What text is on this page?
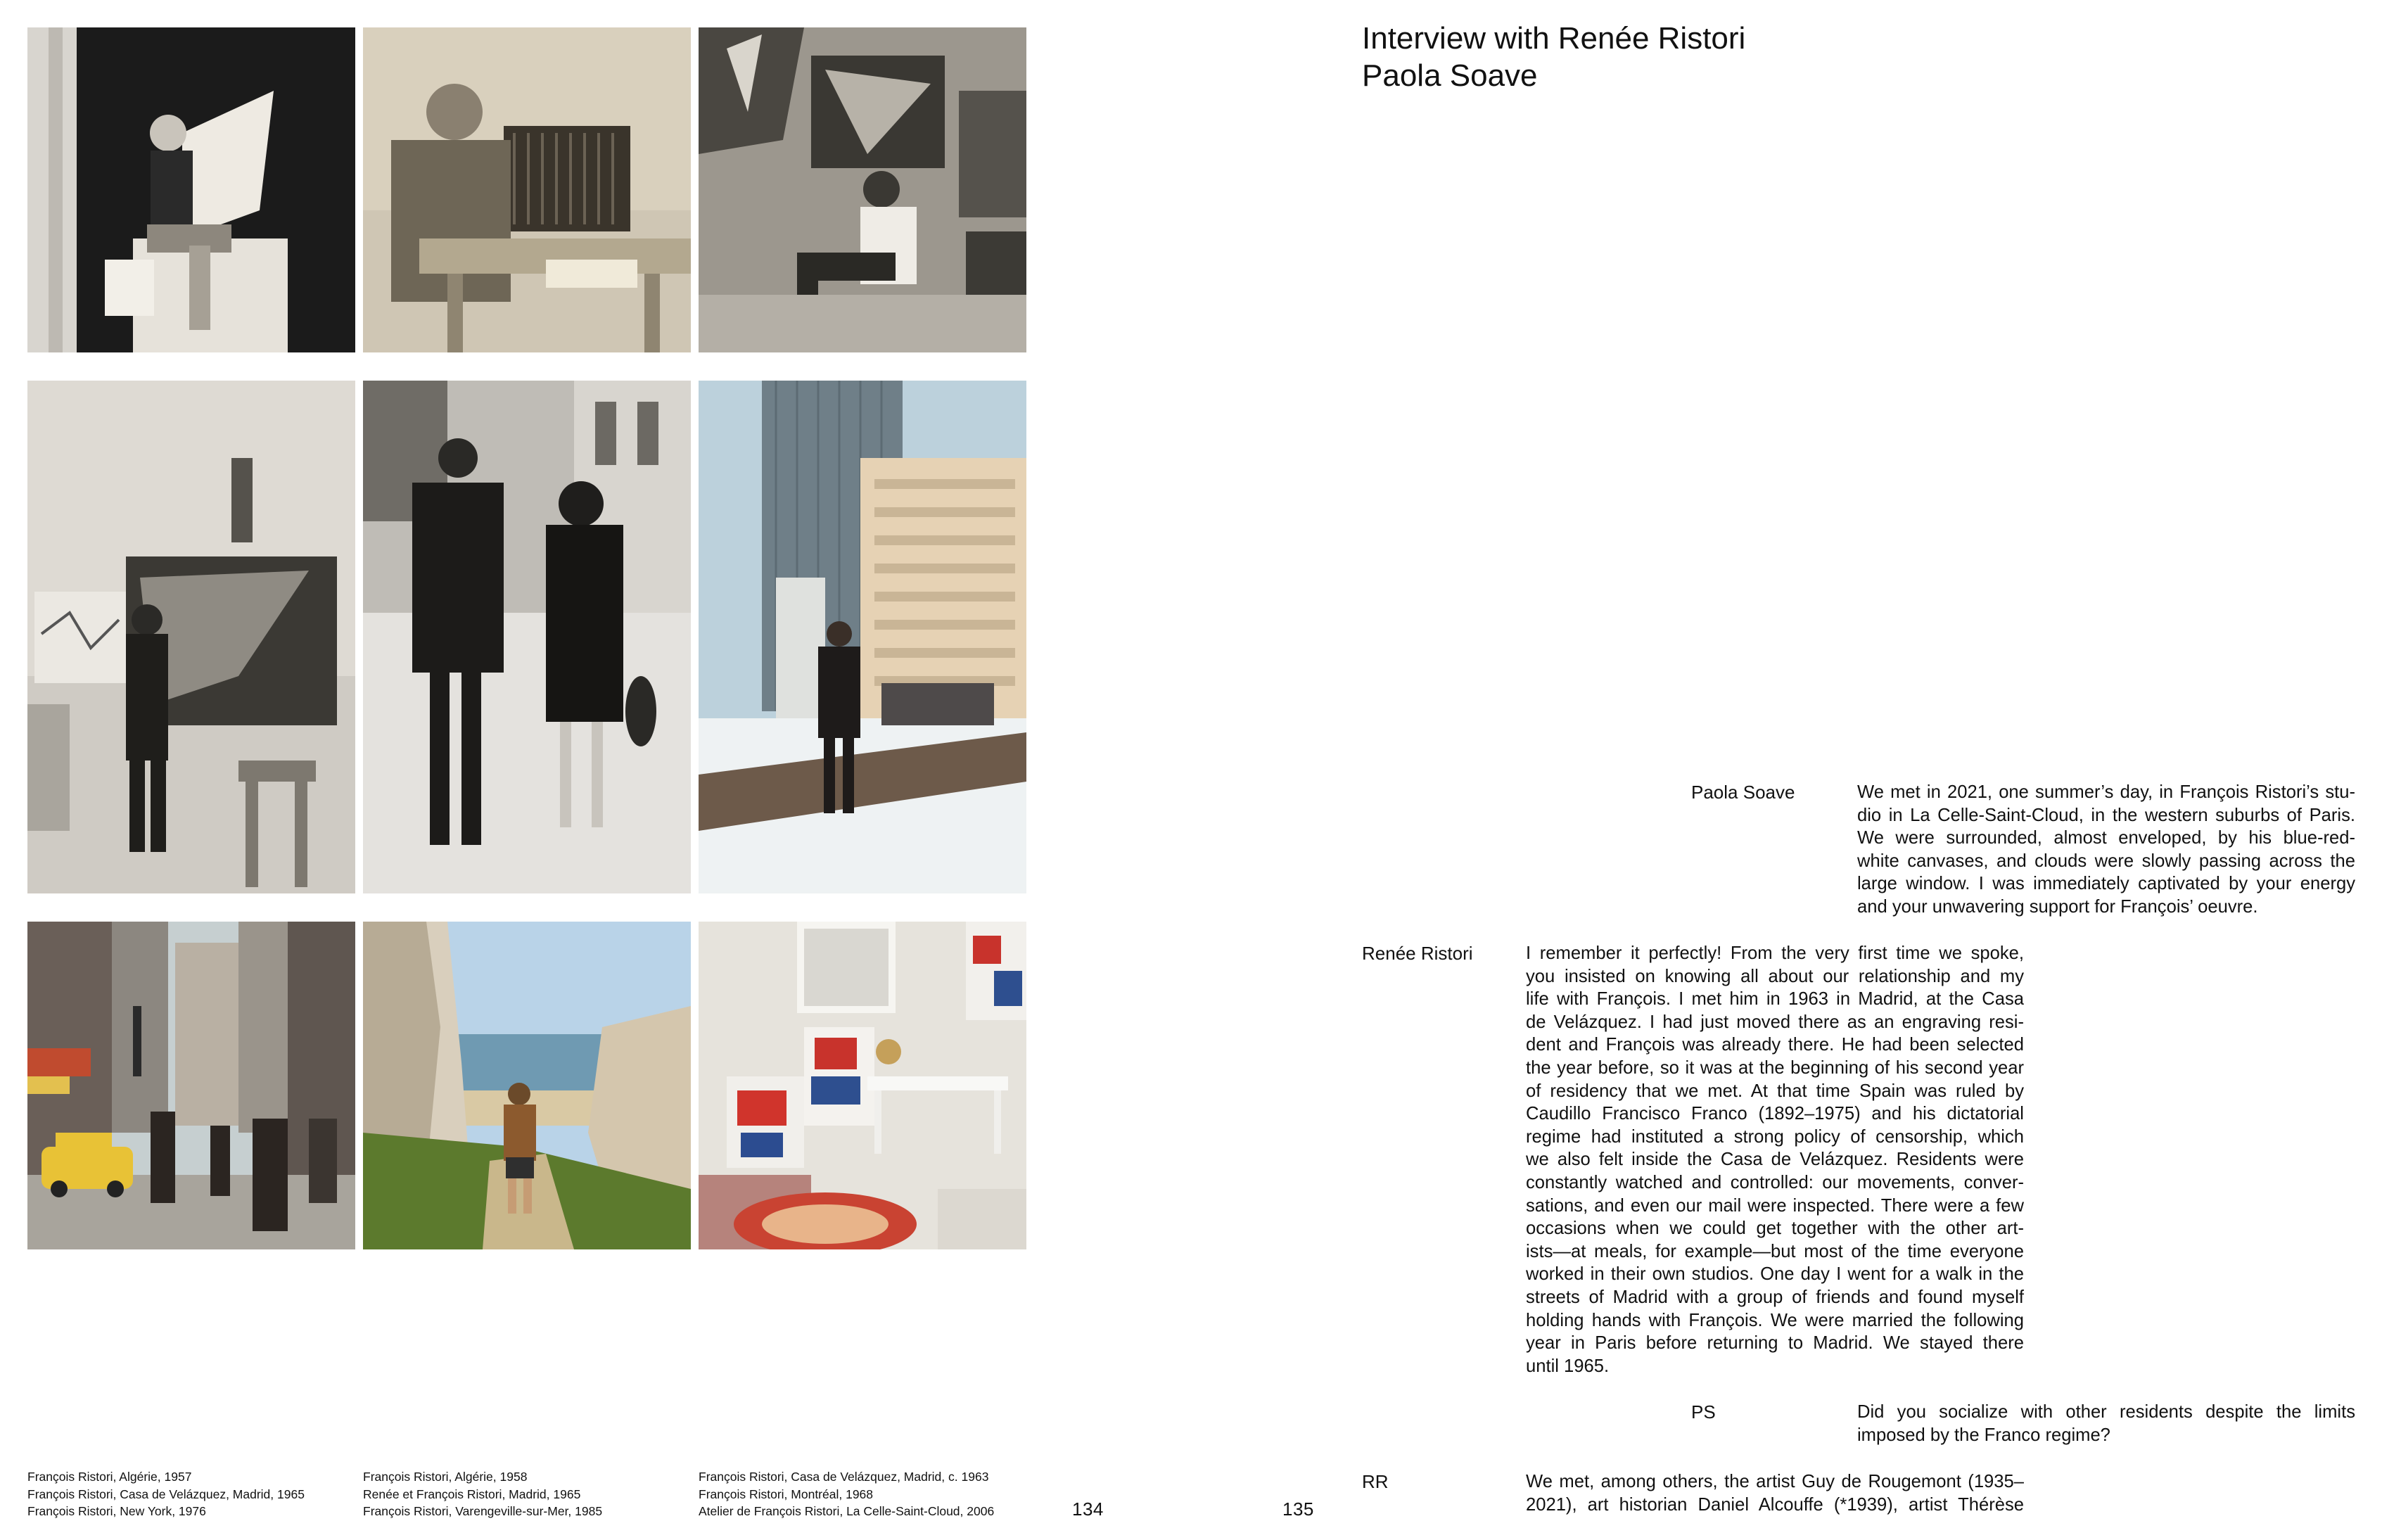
François Ristori, Algérie, 1957
François Ristori, Casa de Velázquez, Madrid, 1965
François Ristori, New York, 1976
François Ristori, Algérie, 1958
Renée et François Ristori, Madrid, 1965
François Ristori, Varengeville-sur-Mer, 1985
François Ristori, Casa de Velázquez, Madrid, c. 1963
François Ristori, Montréal, 1968
Atelier de François Ristori, La Celle-Saint-Cloud, 2006	134	135
Interview with Renée Ristori
Paola Soave
Paola Soave	We met in 2021, one summer’s day, in François Ristori’s stu-
dio in La Celle-Saint-Cloud, in the western suburbs of Paris.
We were surrounded, almost enveloped, by his blue-red-
white canvases, and clouds were slowly passing across the
large window. I was immediately captivated by your energy
and your unwavering support for François’ oeuvre.
Renée Ristori	I remember it perfectly! From the very first time we spoke,
you insisted on knowing all about our relationship and my
life with François. I met him in 1963 in Madrid, at the Casa
de Velázquez. I had just moved there as an engraving resi-
dent and François was already there. He had been selected
the year before, so it was at the beginning of his second year
of residency that we met. At that time Spain was ruled by
Caudillo Francisco Franco (1892–1975) and his dictatorial
regime had instituted a strong policy of censorship, which
we also felt inside the Casa de Velázquez. Residents were
constantly watched and controlled: our movements, conver-
sations, and even our mail were inspected. There were a few
occasions when we could get together with the other art-
ists—at meals, for example—but most of the time everyone
worked in their own studios. One day I went for a walk in the
streets of Madrid with a group of friends and found myself
holding hands with François. We were married the following
year in Paris before returning to Madrid. We stayed there
until 1965.
PS	Did you socialize with other residents despite the limits
imposed by the Franco regime?
RR	We met, among others, the artist Guy de Rougemont (1935–
2021), art historian Daniel Alcouffe (*1939), artist Thérèse
